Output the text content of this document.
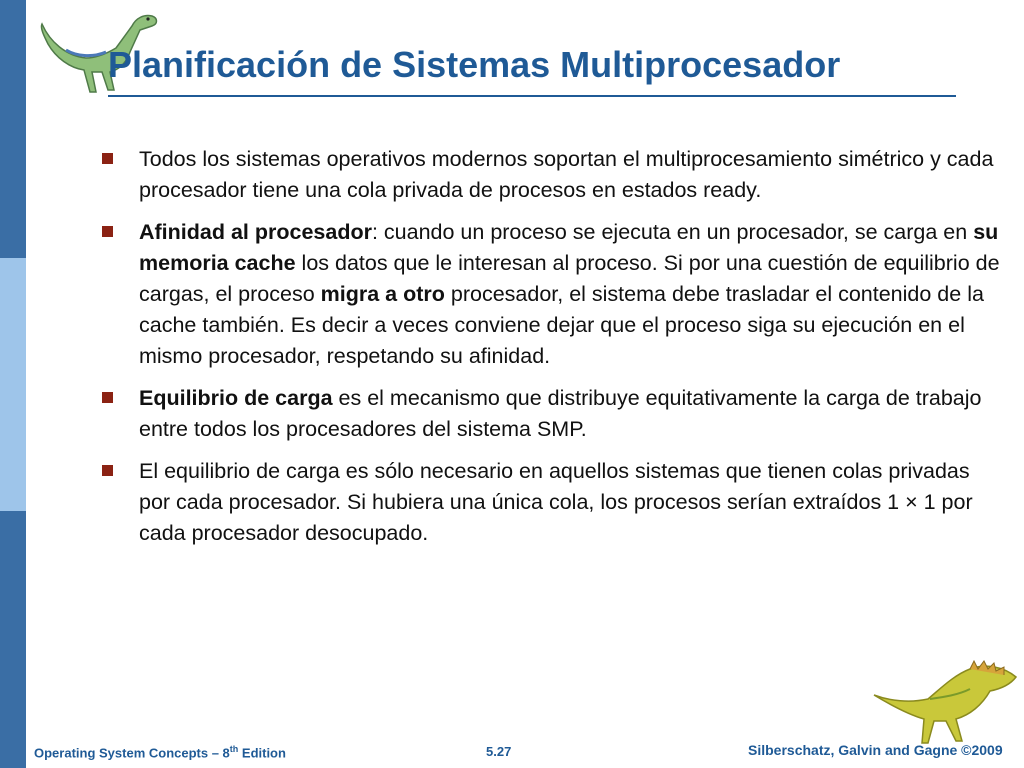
Planificación de Sistemas Multiprocesador
Todos los sistemas operativos modernos soportan el multiprocesamiento simétrico y cada procesador tiene una cola privada de procesos en estados ready.
Afinidad al procesador: cuando un proceso se ejecuta en un procesador, se carga en su memoria cache los datos que le interesan al proceso. Si por una cuestión de equilibrio de cargas, el proceso migra a otro procesador, el sistema debe trasladar el contenido de la cache también. Es decir a veces conviene dejar que el proceso siga su ejecución en el mismo procesador, respetando su afinidad.
Equilibrio de carga es el mecanismo que distribuye equitativamente la carga de trabajo entre todos los procesadores del sistema SMP.
El equilibrio de carga es sólo necesario en aquellos sistemas que tienen colas privadas por cada procesador. Si hubiera una única cola, los procesos serían extraídos 1 × 1 por cada procesador desocupado.
Operating System Concepts – 8th Edition	5.27	Silberschatz, Galvin and Gagne ©2009
